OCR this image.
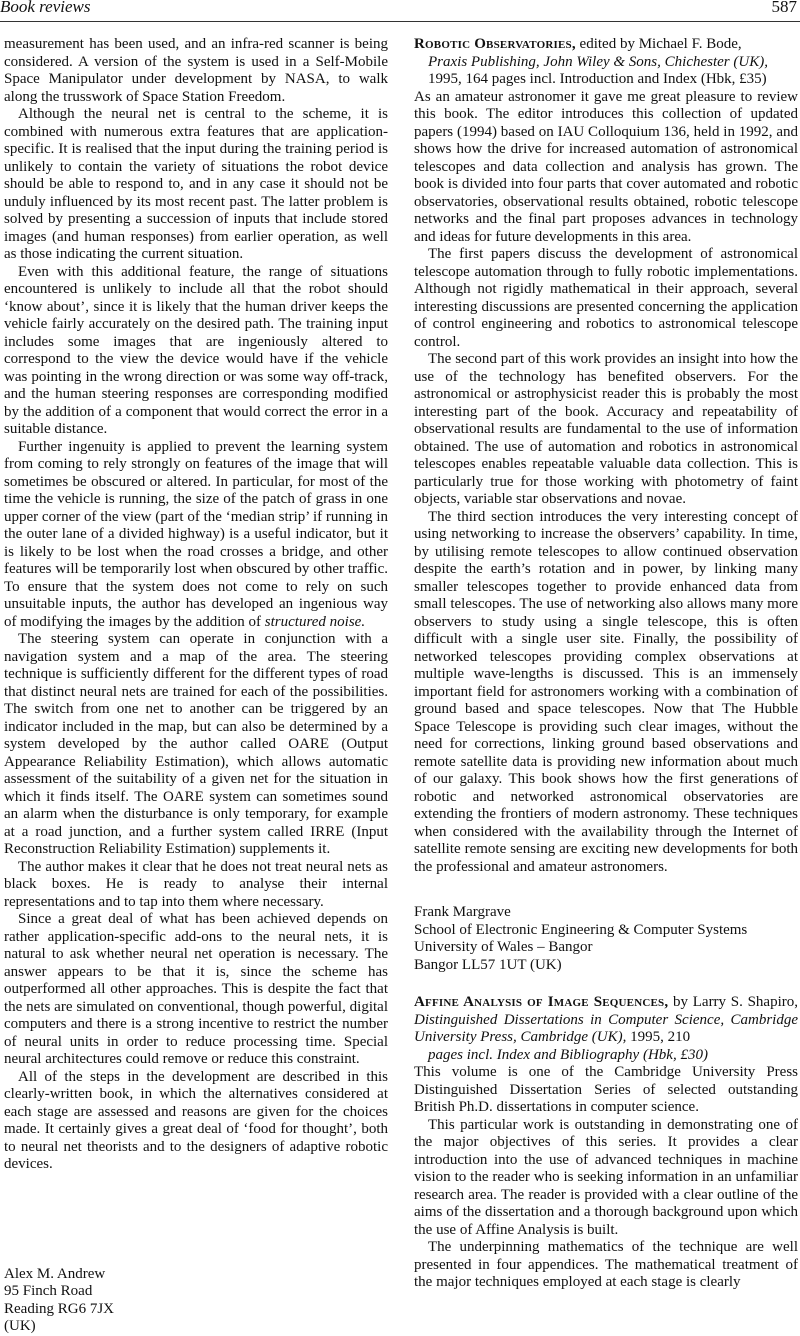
Book reviews	587

measurement has been used, and an infra-red scanner is being considered. A version of the system is used in a Self-Mobile Space Manipulator under development by NASA, to walk along the trusswork of Space Station Freedom.

Although the neural net is central to the scheme, it is combined with numerous extra features that are application-specific. It is realised that the input during the training period is unlikely to contain the variety of situations the robot device should be able to respond to, and in any case it should not be unduly influenced by its most recent past. The latter problem is solved by presenting a succession of inputs that include stored images (and human responses) from earlier operation, as well as those indicating the current situation.

Even with this additional feature, the range of situations encountered is unlikely to include all that the robot should ‘know about’, since it is likely that the human driver keeps the vehicle fairly accurately on the desired path. The training input includes some images that are ingeniously altered to correspond to the view the device would have if the vehicle was pointing in the wrong direction or was some way off-track, and the human steering responses are corresponding modified by the addition of a component that would correct the error in a suitable distance.

Further ingenuity is applied to prevent the learning system from coming to rely strongly on features of the image that will sometimes be obscured or altered. In particular, for most of the time the vehicle is running, the size of the patch of grass in one upper corner of the view (part of the ‘median strip’ if running in the outer lane of a divided highway) is a useful indicator, but it is likely to be lost when the road crosses a bridge, and other features will be temporarily lost when obscured by other traffic. To ensure that the system does not come to rely on such unsuitable inputs, the author has developed an ingenious way of modifying the images by the addition of structured noise.

The steering system can operate in conjunction with a navigation system and a map of the area. The steering technique is sufficiently different for the different types of road that distinct neural nets are trained for each of the possibilities. The switch from one net to another can be triggered by an indicator included in the map, but can also be determined by a system developed by the author called OARE (Output Appearance Reliability Estimation), which allows automatic assessment of the suitability of a given net for the situation in which it finds itself. The OARE system can sometimes sound an alarm when the disturbance is only temporary, for example at a road junction, and a further system called IRRE (Input Reconstruction Reliability Estimation) supplements it.

The author makes it clear that he does not treat neural nets as black boxes. He is ready to analyse their internal representations and to tap into them where necessary.

Since a great deal of what has been achieved depends on rather application-specific add-ons to the neural nets, it is natural to ask whether neural net operation is necessary. The answer appears to be that it is, since the scheme has outperformed all other approaches. This is despite the fact that the nets are simulated on conventional, though powerful, digital computers and there is a strong incentive to restrict the number of neural units in order to reduce processing time. Special neural architectures could remove or reduce this constraint.

All of the steps in the development are described in this clearly-written book, in which the alternatives considered at each stage are assessed and reasons are given for the choices made. It certainly gives a great deal of ‘food for thought’, both to neural net theorists and to the designers of adaptive robotic devices.

Alex M. Andrew
95 Finch Road
Reading RG6 7JX
(UK)
Robotic Observatories, edited by Michael F. Bode,
Praxis Publishing, John Wiley & Sons, Chichester (UK),
1995, 164 pages incl. Introduction and Index (Hbk, £35)

As an amateur astronomer it gave me great pleasure to review this book. The editor introduces this collection of updated papers (1994) based on IAU Colloquium 136, held in 1992, and shows how the drive for increased automation of astronomical telescopes and data collection and analysis has grown. The book is divided into four parts that cover automated and robotic observatories, observational results obtained, robotic telescope networks and the final part proposes advances in technology and ideas for future developments in this area.

The first papers discuss the development of astronomical telescope automation through to fully robotic implementations. Although not rigidly mathematical in their approach, several interesting discussions are presented concerning the application of control engineering and robotics to astronomical telescope control.

The second part of this work provides an insight into how the use of the technology has benefited observers. For the astronomical or astrophysicist reader this is probably the most interesting part of the book. Accuracy and repeatability of observational results are fundamental to the use of information obtained. The use of automation and robotics in astronomical telescopes enables repeatable valuable data collection. This is particularly true for those working with photometry of faint objects, variable star observations and novae.

The third section introduces the very interesting concept of using networking to increase the observers’ capability. In time, by utilising remote telescopes to allow continued observation despite the earth’s rotation and in power, by linking many smaller telescopes together to provide enhanced data from small telescopes. The use of networking also allows many more observers to study using a single telescope, this is often difficult with a single user site. Finally, the possibility of networked telescopes providing complex observations at multiple wave-lengths is discussed. This is an immensely important field for astronomers working with a combination of ground based and space telescopes. Now that The Hubble Space Telescope is providing such clear images, without the need for corrections, linking ground based observations and remote satellite data is providing new information about much of our galaxy. This book shows how the first generations of robotic and networked astronomical observatories are extending the frontiers of modern astronomy. These techniques when considered with the availability through the Internet of satellite remote sensing are exciting new developments for both the professional and amateur astronomers.

Frank Margrave
School of Electronic Engineering & Computer Systems
University of Wales – Bangor
Bangor LL57 1UT (UK)
Affine Analysis of Image Sequences, by Larry S. Shapiro, Distinguished Dissertations in Computer Science, Cambridge University Press, Cambridge (UK), 1995, 210
pages incl. Index and Bibliography (Hbk, £30)

This volume is one of the Cambridge University Press Distinguished Dissertation Series of selected outstanding British Ph.D. dissertations in computer science.

This particular work is outstanding in demonstrating one of the major objectives of this series. It provides a clear introduction into the use of advanced techniques in machine vision to the reader who is seeking information in an unfamiliar research area. The reader is provided with a clear outline of the aims of the dissertation and a thorough background upon which the use of Affine Analysis is built.

The underpinning mathematics of the technique are well presented in four appendices. The mathematical treatment of the major techniques employed at each stage is clearly
